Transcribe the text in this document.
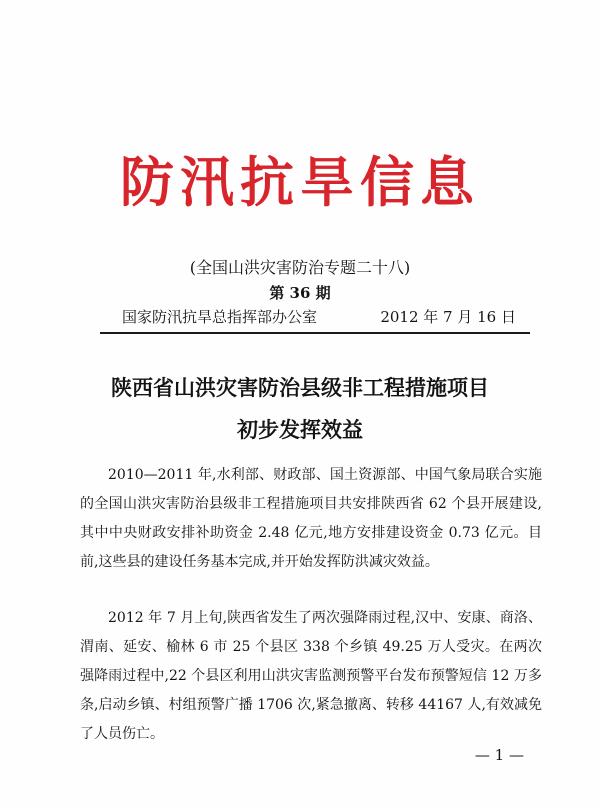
防汛抗旱信息
(全国山洪灾害防治专题二十八)
第 36 期
国家防汛抗旱总指挥部办公室	2012 年 7 月 16 日
陕西省山洪灾害防治县级非工程措施项目
初步发挥效益

2010—2011 年,水利部、财政部、国土资源部、中国气象局联合实施的全国山洪灾害防治县级非工程措施项目共安排陕西省 62 个县开展建设,其中中央财政安排补助资金 2.48 亿元,地方安排建设资金 0.73 亿元。目前,这些县的建设任务基本完成,并开始发挥防洪减灾效益。

2012 年 7 月上旬,陕西省发生了两次强降雨过程,汉中、安康、商洛、渭南、延安、榆林 6 市 25 个县区 338 个乡镇 49.25 万人受灾。在两次强降雨过程中,22 个县区利用山洪灾害监测预警平台发布预警短信 12 万多条,启动乡镇、村组预警广播 1706 次,紧急撤离、转移 44167 人,有效减免了人员伤亡。

— 1 —
